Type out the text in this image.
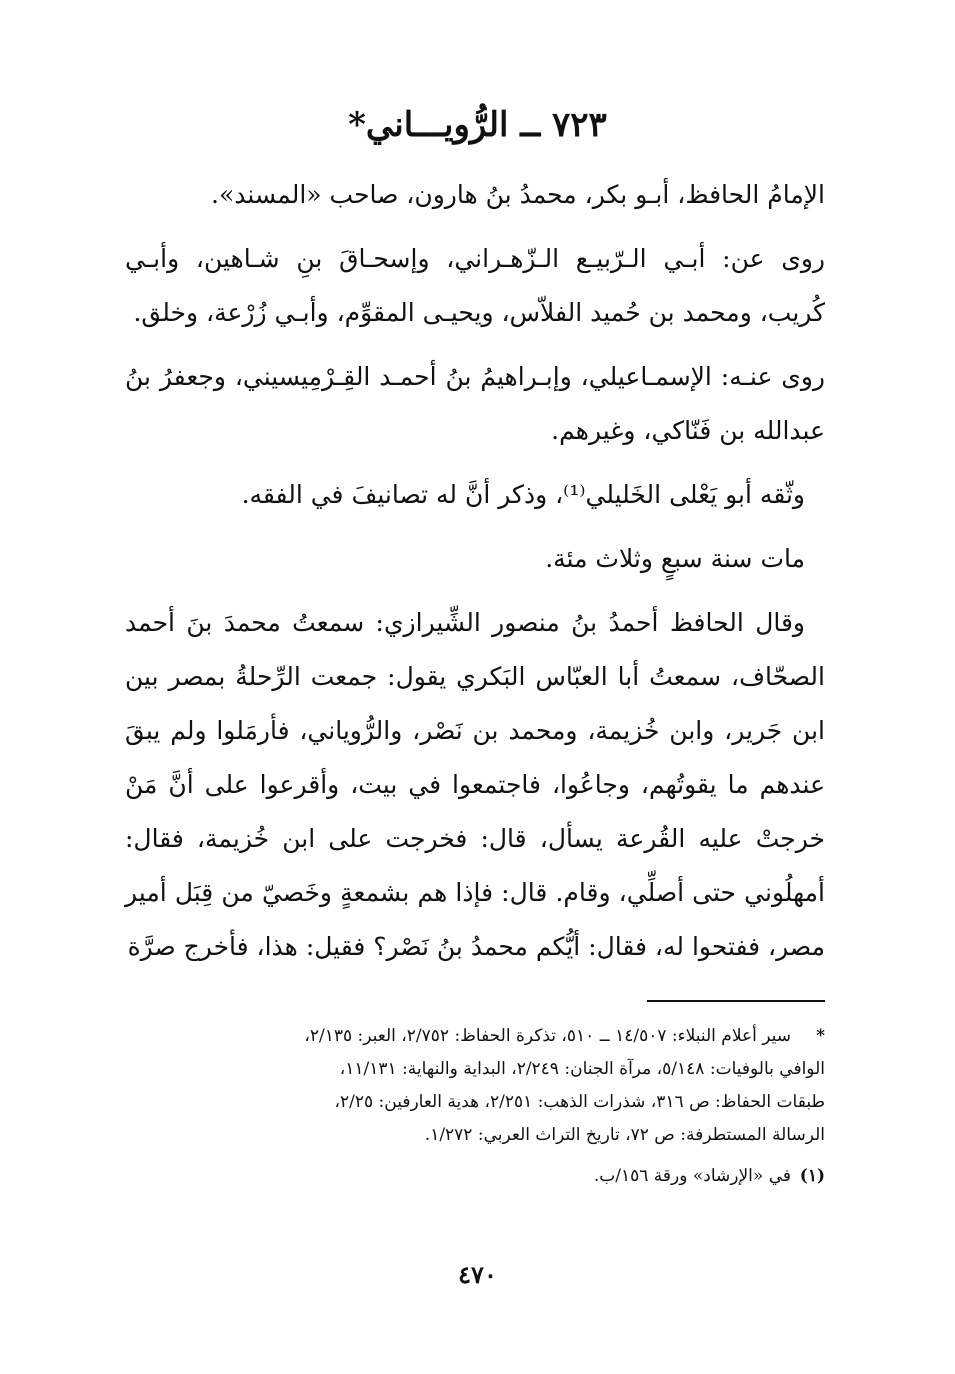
٧٢٣ ــ الرُّويـــاني*

الإمامُ الحافظ، أبـو بكر، محمدُ بنُ هارون، صاحب «المسند».

روى عن: أبـي الـرّبيـع الـزّهـراني، وإسحـاقَ بنِ شـاهين، وأبـي كُريب، ومحمد بن حُميد الفلاّس، ويحيـى المقوِّم، وأبـي زُرْعة، وخلق.

روى عنـه: الإسمـاعيلي، وإبـراهيمُ بنُ أحمـد القِـرْمِيسيني، وجعفرُ بنُ عبدالله بن فَنّاكي، وغيرهم.

وثّقه أبو يَعْلى الخَليلي⁽¹⁾، وذكر أنَّ له تصانيفَ في الفقه.

مات سنة سبعٍ وثلاث مئة.

وقال الحافظ أحمدُ بنُ منصور الشِّيرازي: سمعتُ محمدَ بنَ أحمد الصحّاف، سمعتُ أبا العبّاس البَكري يقول: جمعت الرِّحلةُ بمصر بين ابن جَرير، وابن خُزيمة، ومحمد بن نَصْر، والرُّوياني، فأرمَلوا ولم يبقَ عندهم ما يقوتُهم، وجاعُوا، فاجتمعوا في بيت، وأقرعوا على أنَّ مَنْ خرجتْ عليه القُرعة يسأل، قال: فخرجت على ابن خُزيمة، فقال: أمهلُوني حتى أصلِّي، وقام. قال: فإذا هم بشمعةٍ وخَصيّ من قِبَل أمير مصر، ففتحوا له، فقال: أيُّكم محمدُ بنُ نَصْر؟ فقيل: هذا، فأخرج صرَّة

*سير أعلام النبلاء: ١٤/٥٠٧ ــ ٥١٠، تذكرة الحفاظ: ٢/٧٥٢، العبر: ٢/١٣٥،

الوافي بالوفيات: ٥/١٤٨، مرآة الجنان: ٢/٢٤٩، البداية والنهاية: ١١/١٣١،

طبقات الحفاظ: ص ٣١٦، شذرات الذهب: ٢/٢٥١، هدية العارفين: ٢/٢٥،

الرسالة المستطرفة: ص ٧٢، تاريخ التراث العربي: ١/٢٧٢.

(١)في «الإرشاد» ورقة ١٥٦/ب.

٤٧٠
